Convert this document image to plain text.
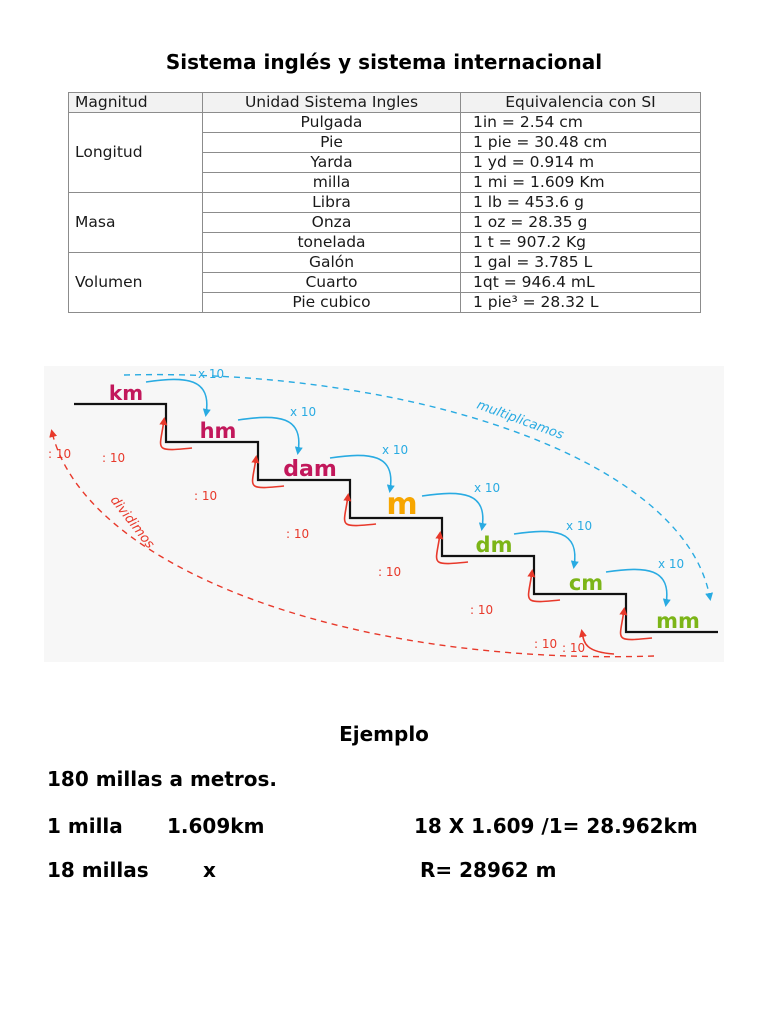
Sistema inglés y sistema internacional
Magnitud	Unidad Sistema Ingles	Equivalencia con SI
Longitud	Pulgada	1in = 2.54 cm
	Pie	1 pie = 30.48 cm
	Yarda	1 yd = 0.914 m
	milla	1 mi = 1.609 Km
Masa	Libra	1 lb = 453.6 g
	Onza	1 oz = 28.35 g
	tonelada	1 t = 907.2 Kg
Volumen	Galón	1 gal = 3.785 L
	Cuarto	1qt = 946.4 mL
	Pie cubico	1 pie³ = 28.32 L
km
hm
dam
m
dm
cm
mm
x 10
: 10
x 10
: 10
x 10
: 10
x 10
: 10
x 10
: 10
x 10
: 10
multiplicamos
dividimos
: 10
: 10
Ejemplo
180 millas a metros.
1 milla 1.609km	18 X 1.609 /1= 28.962km
18 millas	x	R= 28962 m
